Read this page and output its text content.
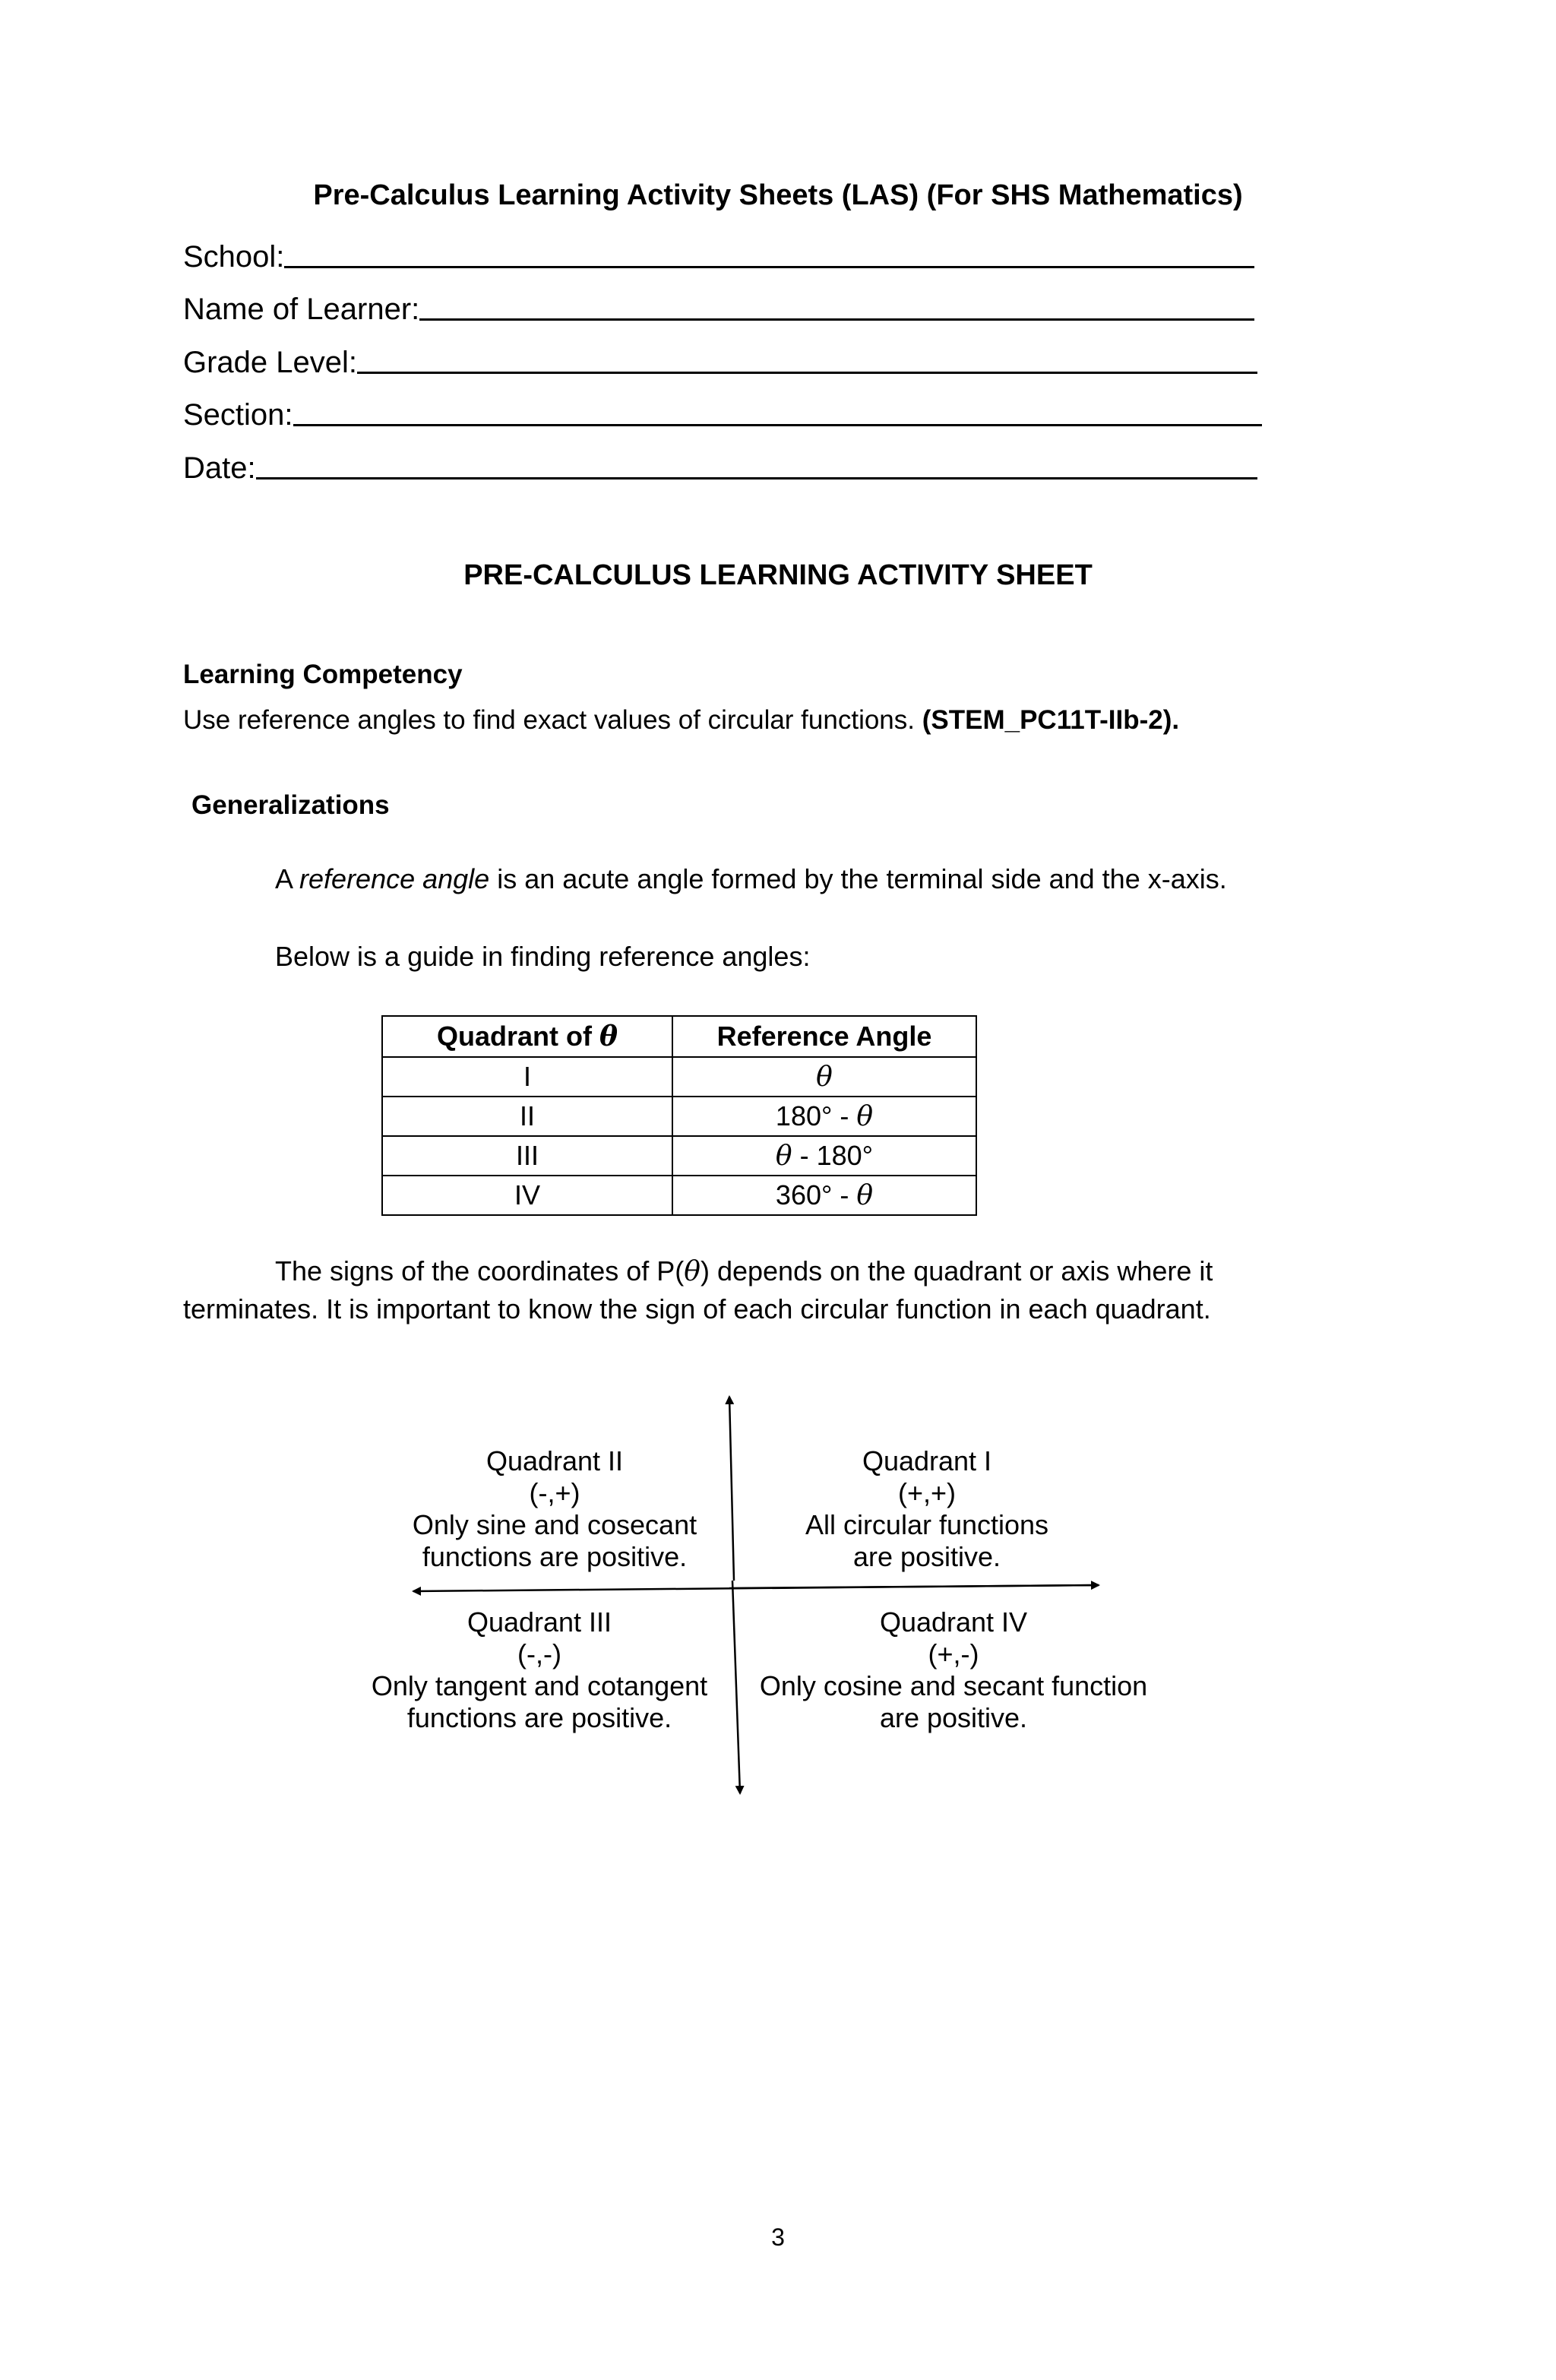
Pre-Calculus Learning Activity Sheets (LAS) (For SHS Mathematics)
School:
Name of Learner:
Grade Level:
Section:
Date:
PRE-CALCULUS LEARNING ACTIVITY SHEET
Learning Competency
Use reference angles to find exact values of circular functions. (STEM_PC11T-IIb-2).
Generalizations
A reference angle is an acute angle formed by the terminal side and the x-axis.
Below is a guide in finding reference angles:
Quadrant of θ	Reference Angle
I	θ
II	180° - θ
III	θ - 180°
IV	360° - θ
The signs of the coordinates of P(θ) depends on the quadrant or axis where it
terminates. It is important to know the sign of each circular function in each quadrant.
Quadrant II
(-,+)
Only sine and cosecant
functions are positive.
Quadrant I
(+,+)
All circular functions
are positive.
Quadrant III
(-,-)
Only tangent and cotangent
functions are positive.
Quadrant IV
(+,-)
Only cosine and secant function
are positive.
3
